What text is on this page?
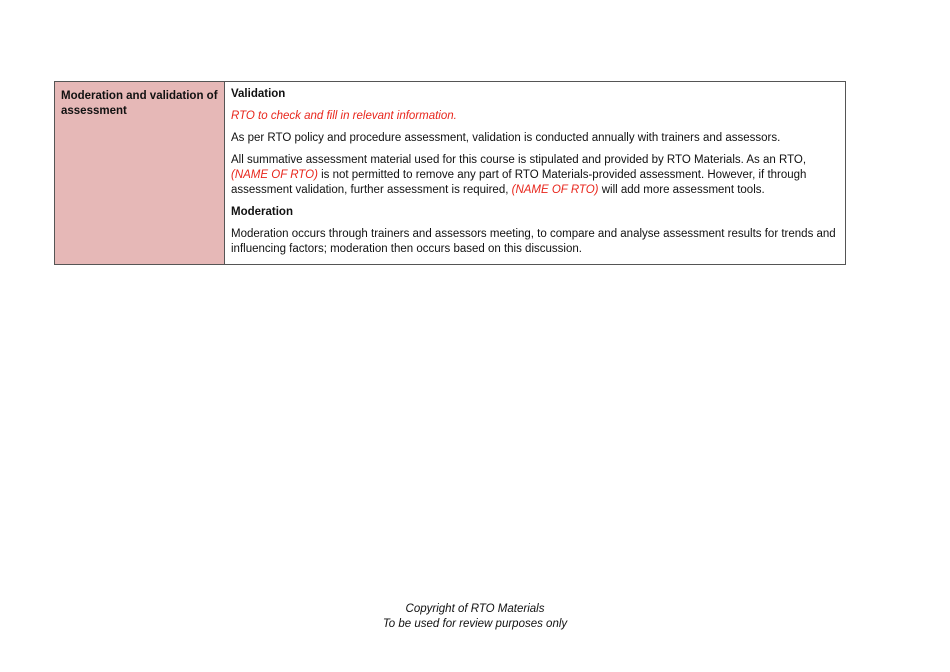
Moderation and validation of assessment	

Validation

RTO to check and fill in relevant information.

As per RTO policy and procedure assessment, validation is conducted annually with trainers and assessors.

All summative assessment material used for this course is stipulated and provided by RTO Materials. As an RTO, (NAME OF RTO) is not permitted to remove any part of RTO Materials-provided assessment. However, if through assessment validation, further assessment is required, (NAME OF RTO) will add more assessment tools.

Moderation

Moderation occurs through trainers and assessors meeting, to compare and analyse assessment results for trends and influencing factors; moderation then occurs based on this discussion.

Copyright of RTO Materials
To be used for review purposes only
